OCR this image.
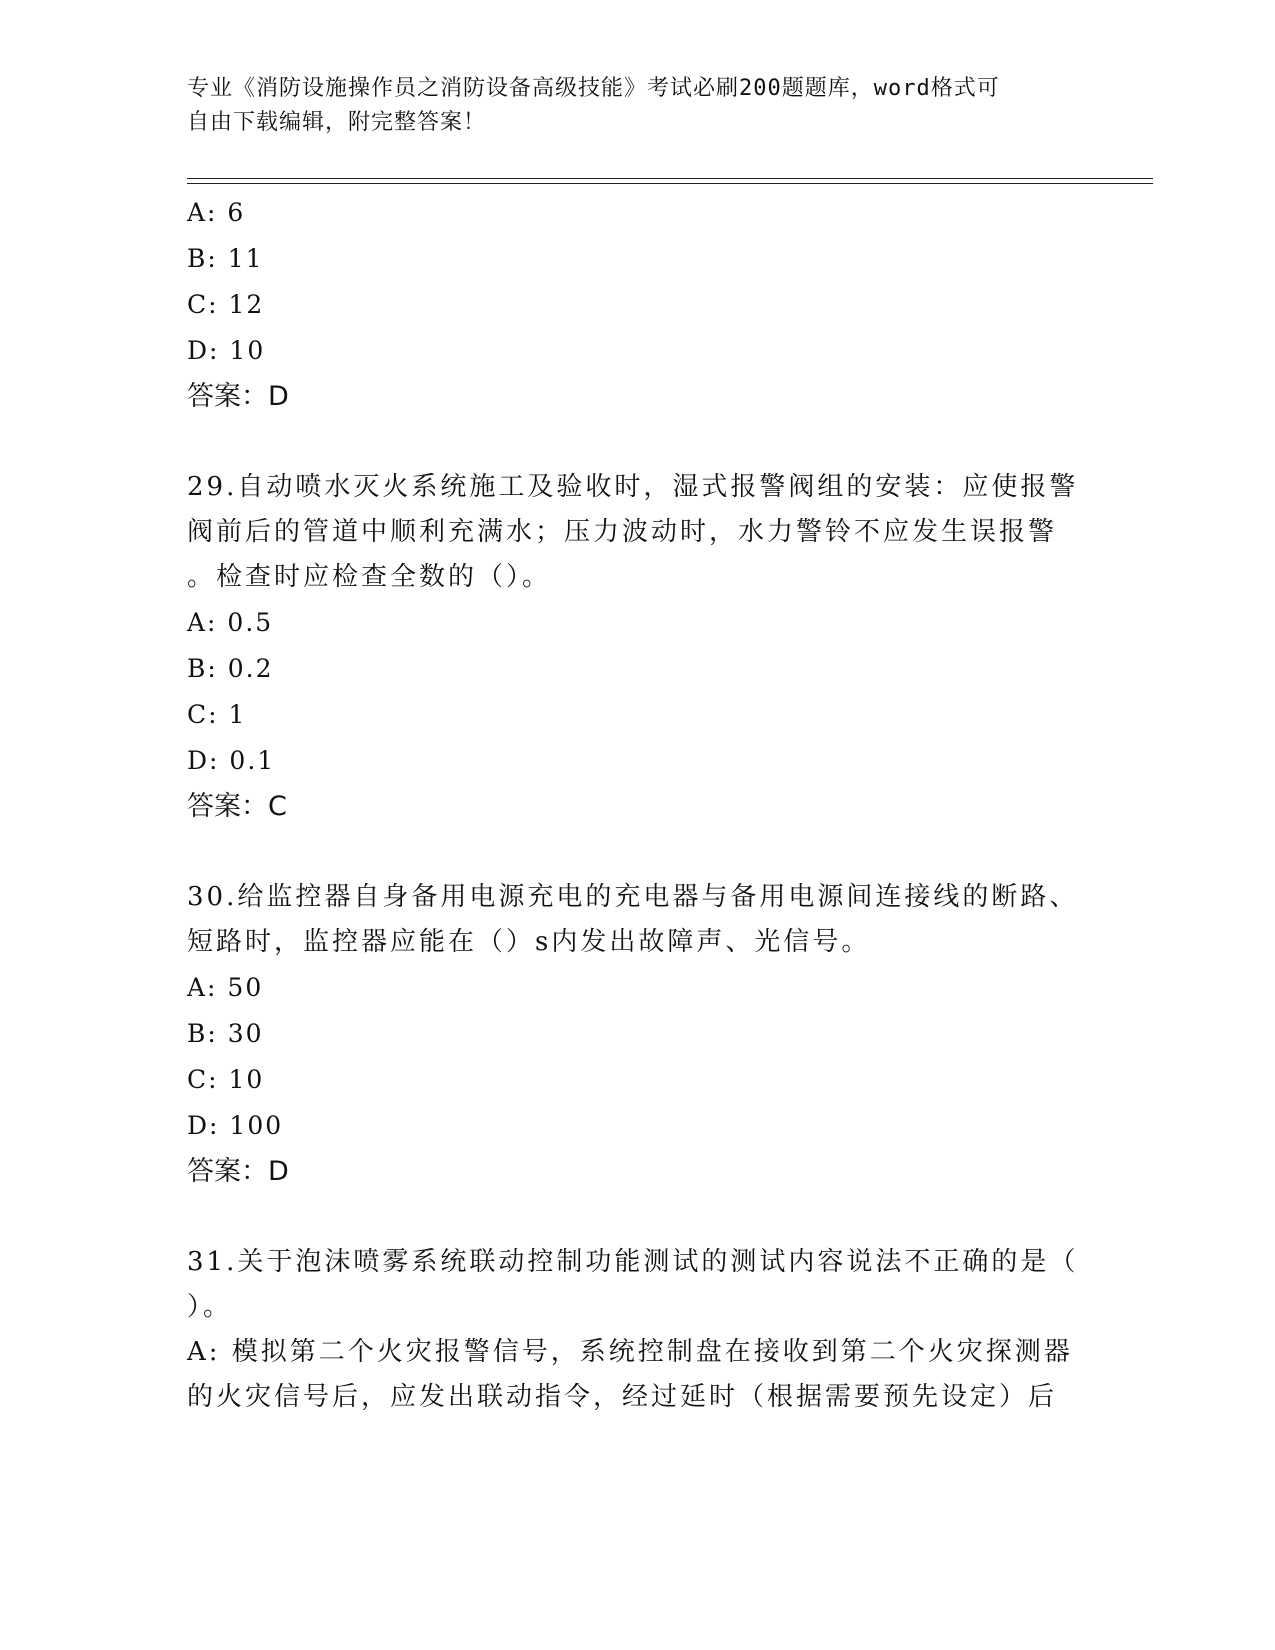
专业《消防设施操作员之消防设备高级技能》考试必刷200题题库，word格式可
自由下载编辑，附完整答案！
A: 6
B: 11
C: 12
D: 10
答案：D
29.自动喷水灭火系统施工及验收时，湿式报警阀组的安装：应使报警
阀前后的管道中顺利充满水；压力波动时，水力警铃不应发生误报警
。检查时应检查全数的（）。
A: 0.5
B: 0.2
C: 1
D: 0.1
答案：C
30.给监控器自身备用电源充电的充电器与备用电源间连接线的断路、
短路时，监控器应能在（）s内发出故障声、光信号。
A: 50
B: 30
C: 10
D: 100
答案：D
31.关于泡沫喷雾系统联动控制功能测试的测试内容说法不正确的是（
）。
A: 模拟第二个火灾报警信号，系统控制盘在接收到第二个火灾探测器
的火灾信号后，应发出联动指令，经过延时（根据需要预先设定）后
